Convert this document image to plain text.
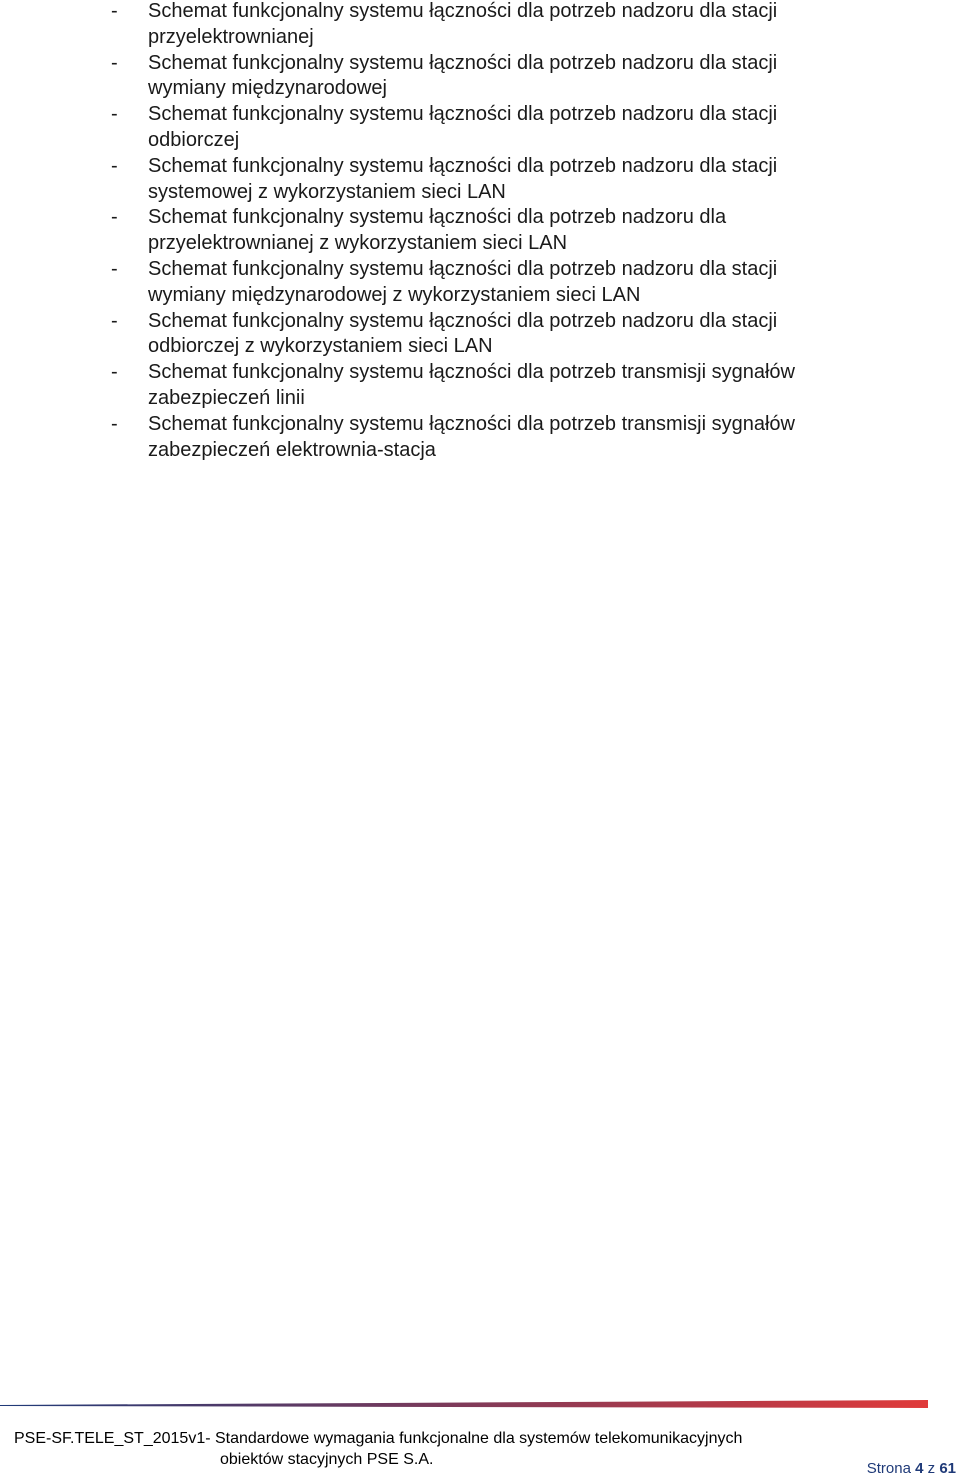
- Schemat funkcjonalny systemu łączności dla potrzeb nadzoru dla stacji
przyelektrownianej
- Schemat funkcjonalny systemu łączności dla potrzeb nadzoru dla stacji
wymiany międzynarodowej
- Schemat funkcjonalny systemu łączności dla potrzeb nadzoru dla stacji
odbiorczej
- Schemat funkcjonalny systemu łączności dla potrzeb nadzoru dla stacji
systemowej z wykorzystaniem sieci LAN
- Schemat funkcjonalny systemu łączności dla potrzeb nadzoru dla
przyelektrownianej z wykorzystaniem sieci LAN
- Schemat funkcjonalny systemu łączności dla potrzeb nadzoru dla stacji
wymiany międzynarodowej z wykorzystaniem sieci LAN
- Schemat funkcjonalny systemu łączności dla potrzeb nadzoru dla stacji
odbiorczej z wykorzystaniem sieci LAN
- Schemat funkcjonalny systemu łączności dla potrzeb transmisji sygnałów
zabezpieczeń linii
- Schemat funkcjonalny systemu łączności dla potrzeb transmisji sygnałów
zabezpieczeń elektrownia-stacja
PSE-SF.TELE_ST_2015v1- Standardowe wymagania funkcjonalne dla systemów telekomunikacyjnych
obiektów stacyjnych PSE S.A.
Strona 4 z 61
